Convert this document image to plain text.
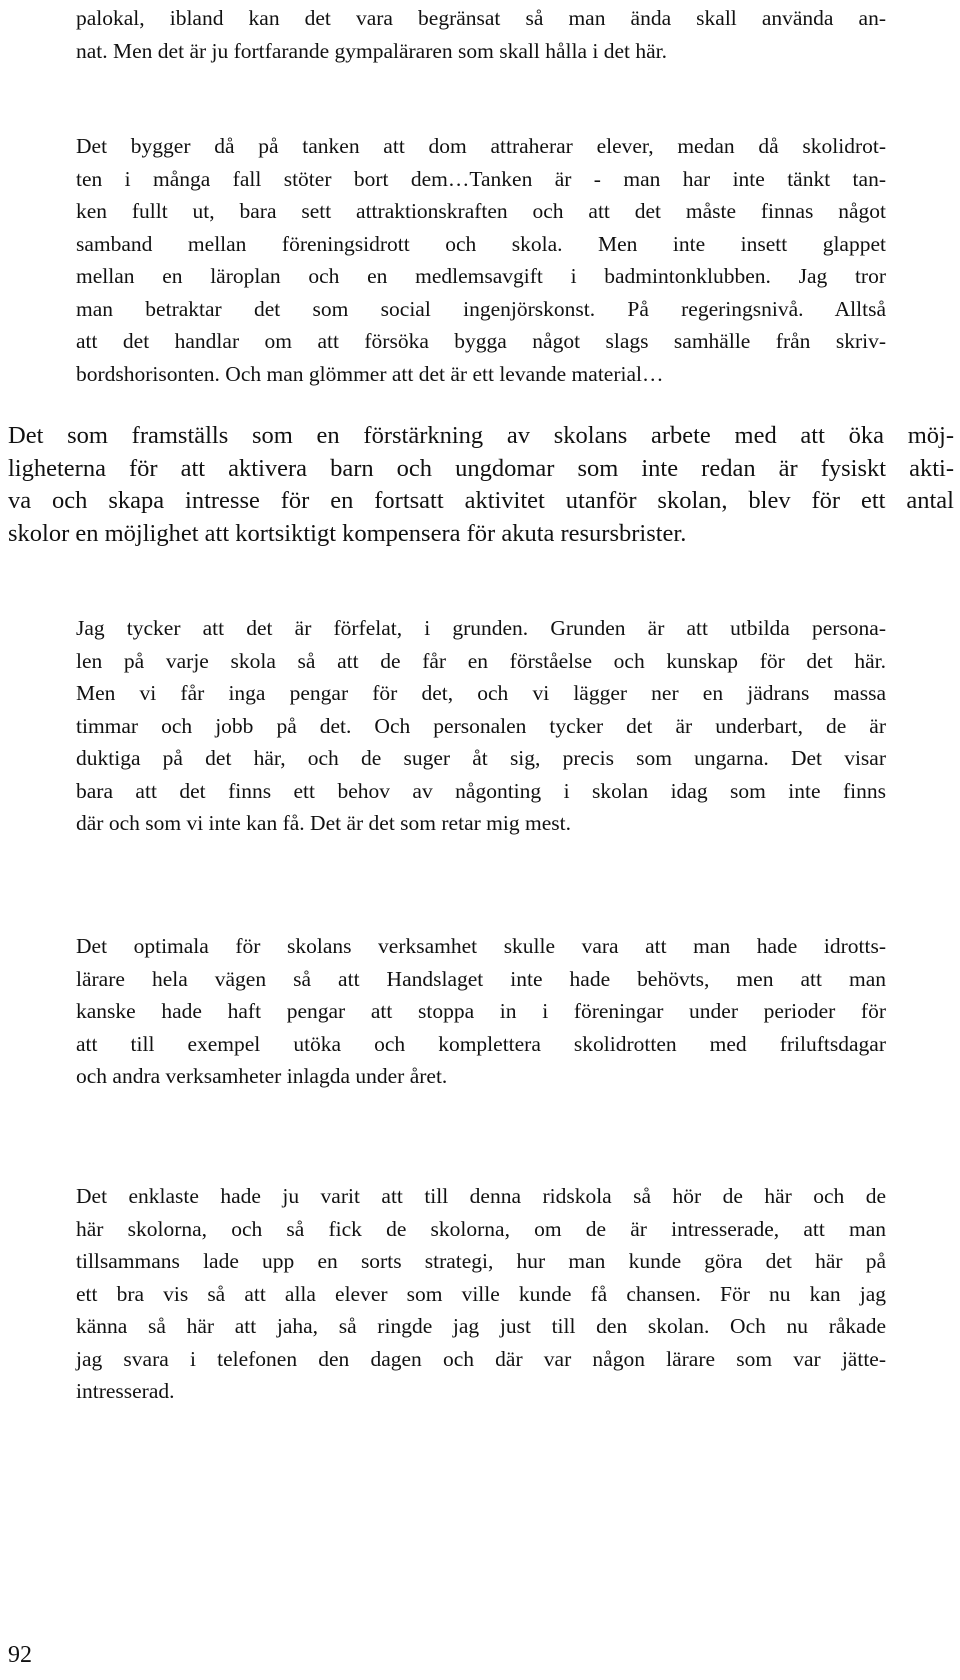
palokal, ibland kan det vara begränsat så man ända skall använda an-
nat. Men det är ju fortfarande gympaläraren som skall hålla i det här.
Det bygger då på tanken att dom attraherar elever, medan då skolidrot-
ten i många fall stöter bort dem…Tanken är - man har inte tänkt tan-
ken fullt ut, bara sett attraktionskraften och att det måste finnas något
samband mellan föreningsidrott och skola. Men inte insett glappet
mellan en läroplan och en medlemsavgift i badmintonklubben. Jag tror
man betraktar det som social ingenjörskonst. På regeringsnivå. Alltså
att det handlar om att försöka bygga något slags samhälle från skriv-
bordshorisonten. Och man glömmer att det är ett levande material…
Det som framställs som en förstärkning av skolans arbete med att öka möj-
ligheterna för att aktivera barn och ungdomar som inte redan är fysiskt akti-
va och skapa intresse för en fortsatt aktivitet utanför skolan, blev för ett antal
skolor en möjlighet att kortsiktigt kompensera för akuta resursbrister.
Jag tycker att det är förfelat, i grunden. Grunden är att utbilda persona-
len på varje skola så att de får en förståelse och kunskap för det här.
Men vi får inga pengar för det, och vi lägger ner en jädrans massa
timmar och jobb på det. Och personalen tycker det är underbart, de är
duktiga på det här, och de suger åt sig, precis som ungarna. Det visar
bara att det finns ett behov av någonting i skolan idag som inte finns
där och som vi inte kan få. Det är det som retar mig mest.
Det optimala för skolans verksamhet skulle vara att man hade idrotts-
lärare hela vägen så att Handslaget inte hade behövts, men att man
kanske hade haft pengar att stoppa in i föreningar under perioder för
att till exempel utöka och komplettera skolidrotten med friluftsdagar
och andra verksamheter inlagda under året.
Det enklaste hade ju varit att till denna ridskola så hör de här och de
här skolorna, och så fick de skolorna, om de är intresserade, att man
tillsammans lade upp en sorts strategi, hur man kunde göra det här på
ett bra vis så att alla elever som ville kunde få chansen. För nu kan jag
känna så här att jaha, så ringde jag just till den skolan. Och nu råkade
jag svara i telefonen den dagen och där var någon lärare som var jätte-
intresserad.
92
